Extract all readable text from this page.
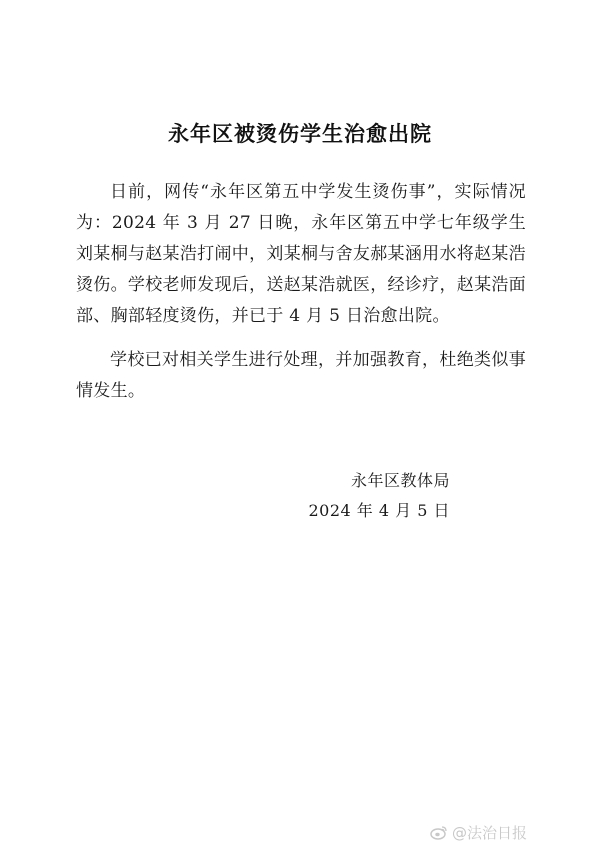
永年区被烫伤学生治愈出院
日前，网传“永年区第五中学发生烫伤事”，实际情况为：2024 年 3 月 27 日晚，永年区第五中学七年级学生刘某桐与赵某浩打闹中，刘某桐与舍友郝某涵用水将赵某浩烫伤。学校老师发现后，送赵某浩就医，经诊疗，赵某浩面部、胸部轻度烫伤，并已于 4 月 5 日治愈出院。
学校已对相关学生进行处理，并加强教育，杜绝类似事情发生。
永年区教体局
2024 年 4 月 5 日
@法治日报
